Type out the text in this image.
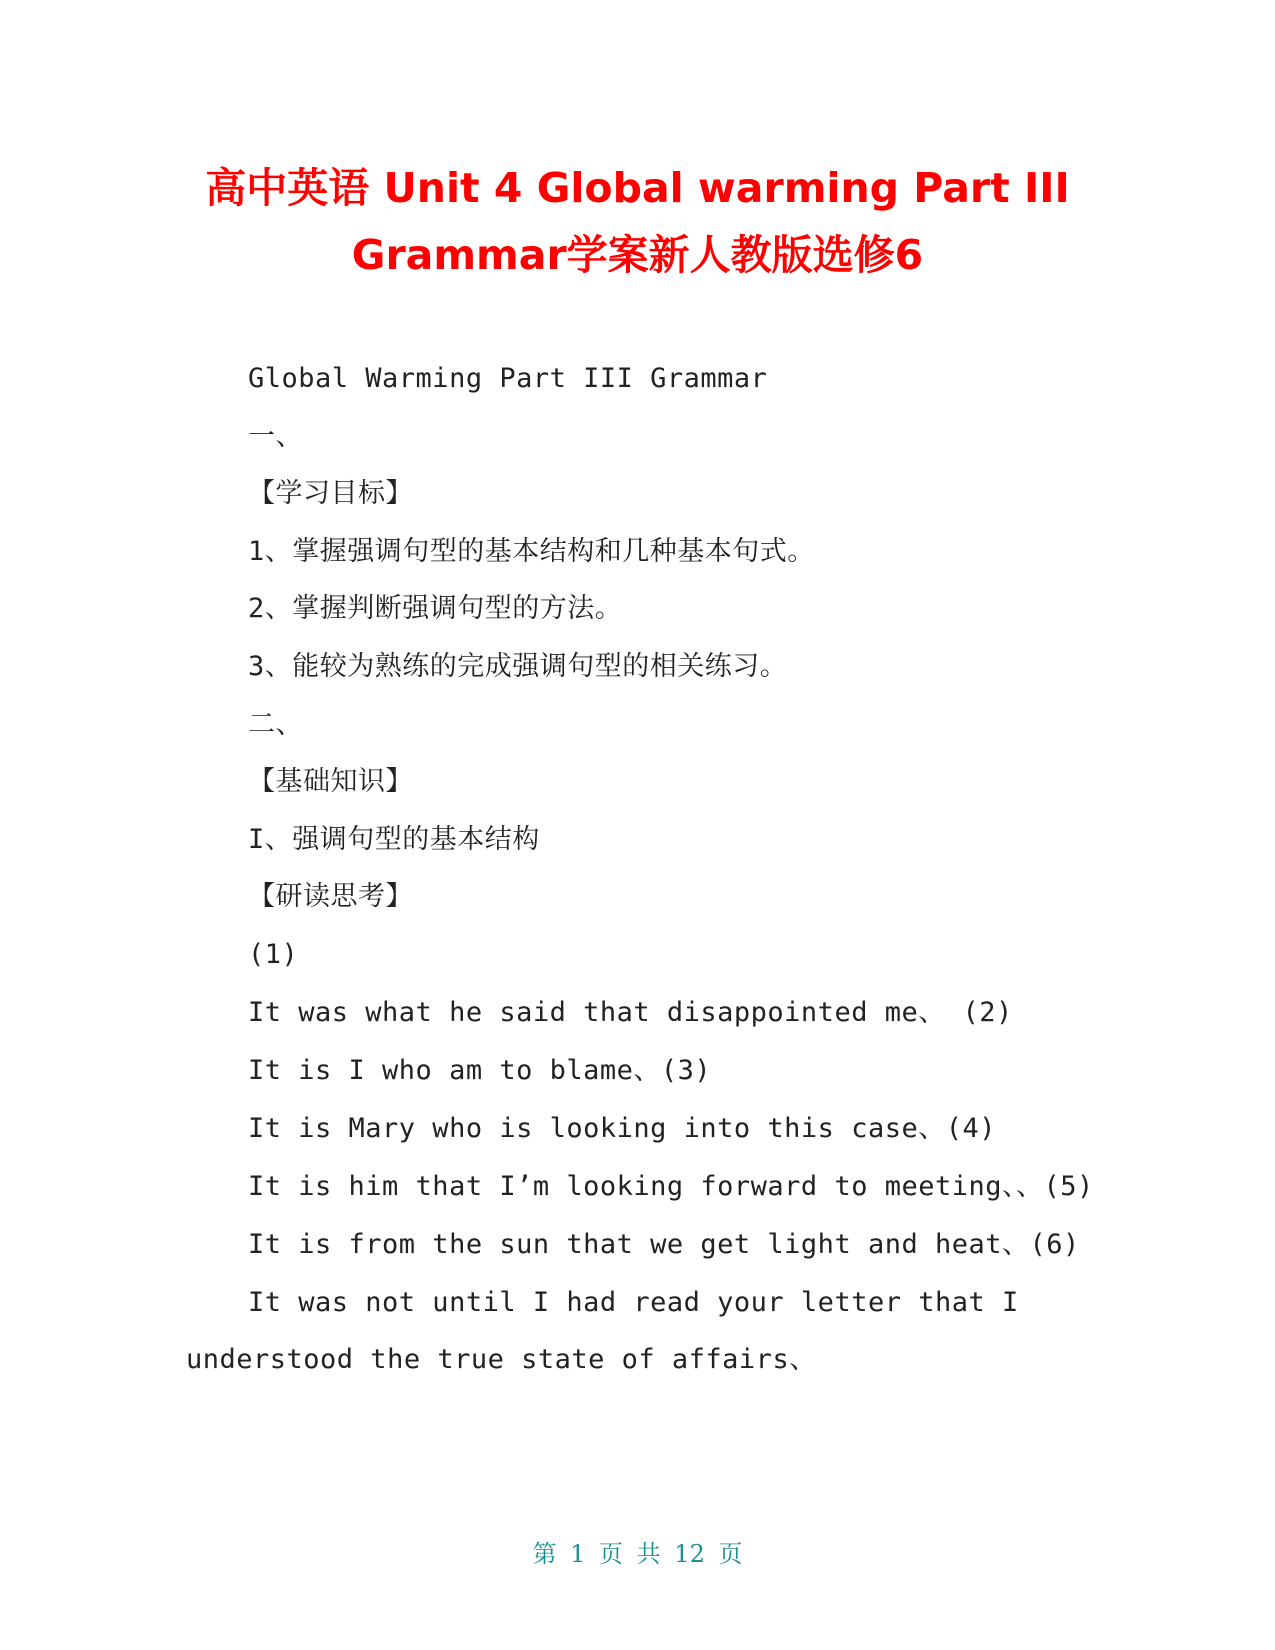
高中英语 Unit 4 Global warming Part III
Grammar学案新人教版选修6
Global Warming Part III Grammar
一、
【学习目标】
1、掌握强调句型的基本结构和几种基本句式。
2、掌握判断强调句型的方法。
3、能较为熟练的完成强调句型的相关练习。
二、
【基础知识】
I、强调句型的基本结构
【研读思考】
(1)
It was what he said that disappointed me、 (2)
It is I who am to blame、(3)
It is Mary who is looking into this case、(4)
It is him that I’m looking forward to meeting、、(5)
It is from the sun that we get light and heat、(6)
It was not until I had read your letter that I
understood the true state of affairs、
第 1 页 共 12 页
